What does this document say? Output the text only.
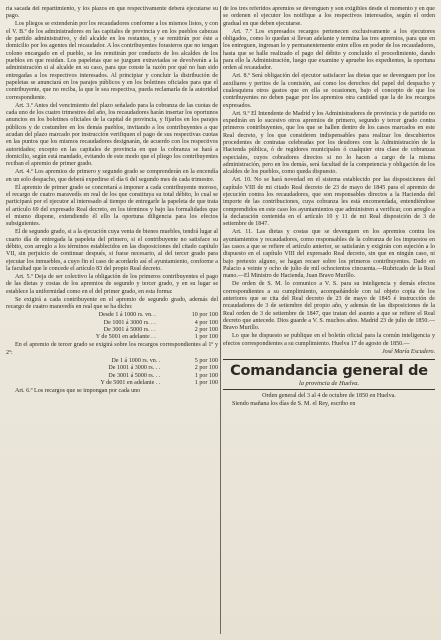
ria sacada del repartimiento, y los plazos en que respectivamente deberá ejecutarse su pago.

Los pliegos se extenderán por los recaudadores conforme a los mismos listos, y con el V. B.º de los administradores en las capitales de provincia y en los pueblos cabezas de partido administrativo, y del alcalde en los restantes, y se remitirán por éste a domicilio por los agentes del recaudador. A los contribuyentes forasteros que no tengan colono encargado en el pueblo, se les remitirán por conducto de los alcaldes de los pueblos en que residan. Los papeletas que se juzguen extraviadas se devolverán a la administración si al alcalde en su caso, para que conste la razón por qué no han sido entregadas a los respectivos interesados. Al principiar y concluir la distribución de papeletas se anunciará en los parajes públicos y en los boletines oficiales para que el contribuyente, que no reciba, la que le sea respectiva, pueda reclamarla de la autoridad correspondiente.

Art. 3.º Antes del vencimiento del plazo señalado para la cobranza de las cuotas de cada uno de los cuatro trimestres del año, los recaudadores harán insertar los oportunos anuncios en los boletines oficiales de la capital de provincia, y fijarlos en los parajes públicos y de costumbre en los demás pueblos, invitando a los contribuyentes a que acudan del plazo marcado por instrucción verifiquen el pago de sus respectivas cuotas en las puntos que los mismos recaudadores designarán, de acuerdo con los respectivos autoridades; excepto en las capitales de provincia en que la cobranza se hará a domicilio, según está mandado, evitando de este modo que el pliego los contribuyentes reciban el apremio de primer grado.

Art. 4.º Los apremios de primero y segundo grado se comprenderán en la encendía en un solo despacho, que deberá expedirse el día 6 del segundo mes de cada trimestre.

El apremio de primer grado se concretará a imponer a cada contribuyente moroso, el recargo de cuatro maravedís en real de los que constituya su total débito, lo cual se participará por el ejecutor al interesado al tiempo de entregarle la papeleta de que trata el artículo 69 del expresado Real decreto, en los términos y bajo las formalidades que el mismo dispone, extendiendo él ello la oportuna diligencia para los efectos subsiguientes.

El de segundo grado, si a la ejecución cuya venta de bienes muebles, tendrá lugar al cuarto día de entregada la papeleta del primero, si el contribuyente no satisface su débito, con arreglo a los términos establecidos en las disposiciones del citado capítulo VII, sin perjuicio de continuar después, si fuese necesario, al del tercer grado para ejecutar los inmuebles, a cuyo fin el caso de acordarlo así el ayuntamiento, conforme a la facultad que le concede el artículo 83 del propio Real decreto.

Art. 5.º Deja de ser colectivo la obligación de los primeros contribuyentes el pago de las dietas y costas de los apremios de segundo y tercer grado, y en su lugar se establece la uniformidad como en el del primer grado, en esta forma:

Se exigirá a cada contribuyente en el apremio de segundo grado, además del recargo de cuatro maravedís en real que se ha dicho:

Desde 1 á 1000 rs. vn. .	10 por 100
De 1001 á 3000 rs. . .	4 por 100
De 3001 á 5000 rs. . .	2 por 100
Y de 5001 en adelante . .	1 por 100

En el apremio de tercer grado se exigirá sobre los recargos correspondientes al 1º y 2º:

De 1 á 1000 rs. vn. .	5 por 100
De 1001 á 3000 rs. . .	2 por 100
De 3001 á 5000 rs. . .	1 por 100
Y de 5001 en adelante . .	1 por 100

Art. 6.º Los recargos que se impongan por cada uno

de los tres referidos apremios se devenguen y son exigibles desde el momento y en que se ordenen el ejecutor los notifique a los respectivos interesados, según el orden gradual en que deben ejecutarse.

Art. 7.º Los expresados recargos pertenecen exclusivamente a los ejecutores obligados, como lo quedan si llevan adelante y termina las tres apremios, para que en los entreguen, ingresan lo y permanentemente entre ellos en poder de los recaudadores, hasta que se halle realizado el pago del débito y concluido el procedimiento, dando para ello la Administración, luego que examine y apruebe los expedientes, la oportuna orden al recaudador.

Art. 8.º Será obligación del ejecutor satisfacer las dietas que se devenguen por los auxiliares y peritos de la comisión, así como los derechos del papel del despacho y cualesquiera otros gastos que en ella se ocasionen, bajo el concepto de que los contribuyentes no deben pagar por los apremios otra cantidad que la de los recargos expresados.

Art. 9.º El Intendente de Madrid y los Administradores de provincia y de partido no expedirán en lo sucesivo otros apremios de primero, segundo y tercer grado contra primeros contribuyentes, que los que se hallen dentro de los casos marcados en este Real decreto, y los que consideren indispensables para realizar los descubiertos procedentes de contratas celebradas por los deudores con la Administración de la Hacienda pública, ó de regidores municipales ó cualquier otra clase de cobranzas especiales, cuyos cobradores directos si no lo hacen a cargo de la misma administración, pero en los demás, será facultad de la competencia y obligación de los alcaldes de los pueblos, como queda dispuesto.

Art. 10. No se hará novedad en el sistema establecido por las disposiciones del capítulo VIII de mi citado Real decreto de 23 de mayo de 1845 para el apremio de ejecución contra los recaudadores, que son responsables directos a la Hacienda del importe de las contribuciones, cuya cobranza les está encomendada, entendiéndose comprendidos en este caso los ayuntamientos que administren a verificar, con arreglo a la declaración contenida en el artículo 10 y 11 de mi Real disposición de 3 de setiembre de 1847.

Art. 11. Las dietas y costas que se devenguen en los apremios contra los ayuntamientos y recaudadores, como responsables de la cobranza de los impuestos en las casos a que se refiere el artículo anterior, se satisfarán y exigirán con sujeción a lo dispuesto en el capítulo VIII del expresado Real decreto, sin que en ningún caso, ni bajo pretexto alguno, se hagan recaer sobre los primeros contribuyentes. Dado en Palacio a veinte y ocho de julio de mil ochocientos cincuenta.—Rubricado de la Real mano.—El Ministro de Hacienda, Juan Bravo Murillo.

De orden de S. M. lo comunico a V. S. para su inteligencia y demás efectos correspondientes a su cumplimiento, acompañándole con tal objeto copia de los anteriores que se cita del Real decreto de 23 de mayo de 1845 é instrucción de recaudadores de 3 de setiembre del propio año, y además de las disposiciones de la Real orden de 3 de setiembre de 1847, que tratan del asunto a que se refiere el Real decreto que antecede. Dios guarde a V. S. muchos años. Madrid 23 de julio de 1850.—Bravo Murillo.

Lo que he dispuesto se publique en el boletín oficial para la común inteligencia y efectos correspondientes a su cumplimiento. Huelva 17 de agosto de 1850.—

José María Escudero.

Comandancia general de
la provincia de Huelva.

Orden general del 3 al 4 de octubre de 1850 en Huelva.

Siendo mañana los días de S. M. el Rey, escribo en
